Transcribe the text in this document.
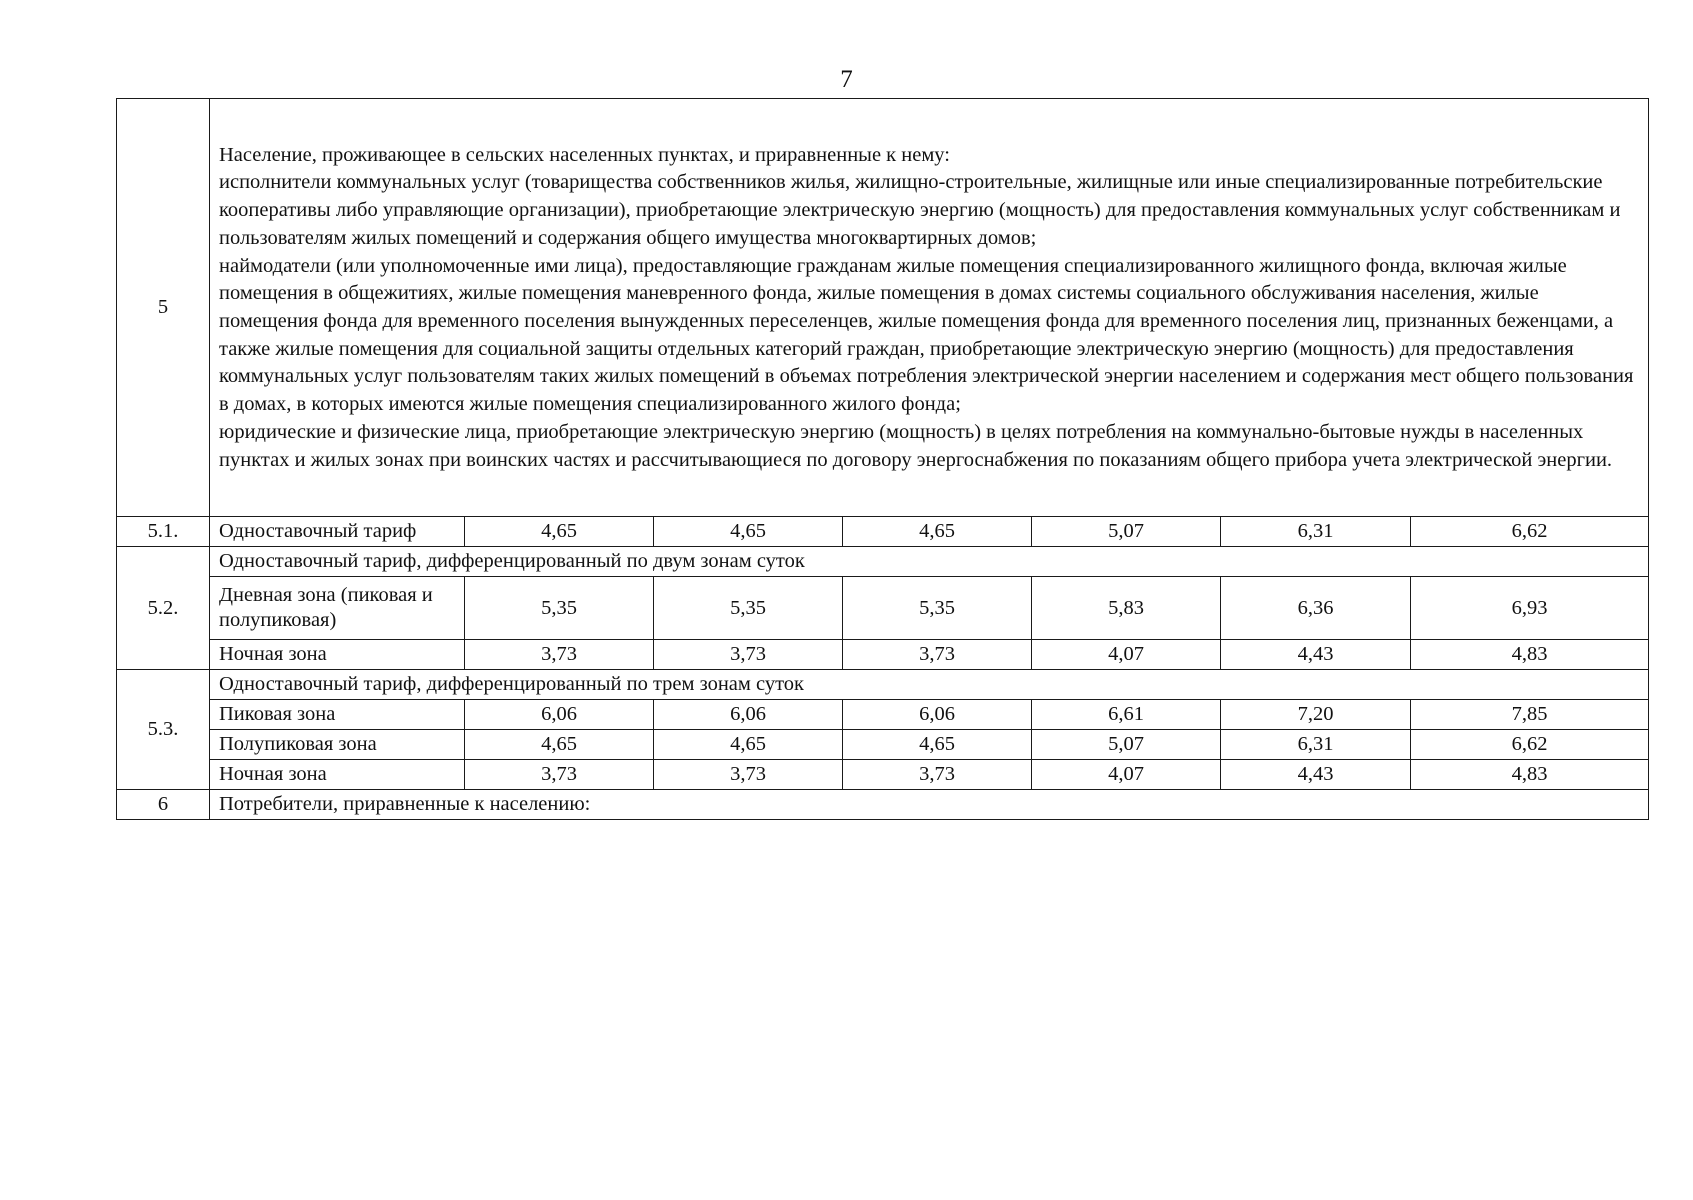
7
5	Население, проживающее в сельских населенных пунктах, и приравненные к нему:
исполнители коммунальных услуг (товарищества собственников жилья, жилищно-строительные, жилищные или иные специализированные потребительские кооперативы либо управляющие организации), приобретающие электрическую энергию (мощность) для предоставления коммунальных услуг собственникам и пользователям жилых помещений и содержания общего имущества многоквартирных домов;
наймодатели (или уполномоченные ими лица), предоставляющие гражданам жилые помещения специализированного жилищного фонда, включая жилые помещения в общежитиях, жилые помещения маневренного фонда, жилые помещения в домах системы социального обслуживания населения, жилые помещения фонда для временного поселения вынужденных переселенцев, жилые помещения фонда для временного поселения лиц, признанных беженцами, а также жилые помещения для социальной защиты отдельных категорий граждан, приобретающие электрическую энергию (мощность) для предоставления коммунальных услуг пользователям таких жилых помещений в объемах потребления электрической энергии населением и содержания мест общего пользования в домах, в которых имеются жилые помещения специализированного жилого фонда;
юридические и физические лица, приобретающие электрическую энергию (мощность) в целях потребления на коммунально-бытовые нужды в населенных пунктах и жилых зонах при воинских частях и рассчитывающиеся по договору энергоснабжения по показаниям общего прибора учета электрической энергии.						

5.1.	Одноставочный тариф	4,65	4,65	4,65	5,07	6,31	6,62
5.2.	Одноставочный тариф, дифференцированный по двум зонам суток						
	Дневная зона (пиковая и полупиковая)	5,35	5,35	5,35	5,83	6,36	6,93
	Ночная зона	3,73	3,73	3,73	4,07	4,43	4,83
5.3.	Одноставочный тариф, дифференцированный по трем зонам суток						
	Пиковая зона	6,06	6,06	6,06	6,61	7,20	7,85
	Полупиковая зона	4,65	4,65	4,65	5,07	6,31	6,62
	Ночная зона	3,73	3,73	3,73	4,07	4,43	4,83
6	Потребители, приравненные к населению:						
